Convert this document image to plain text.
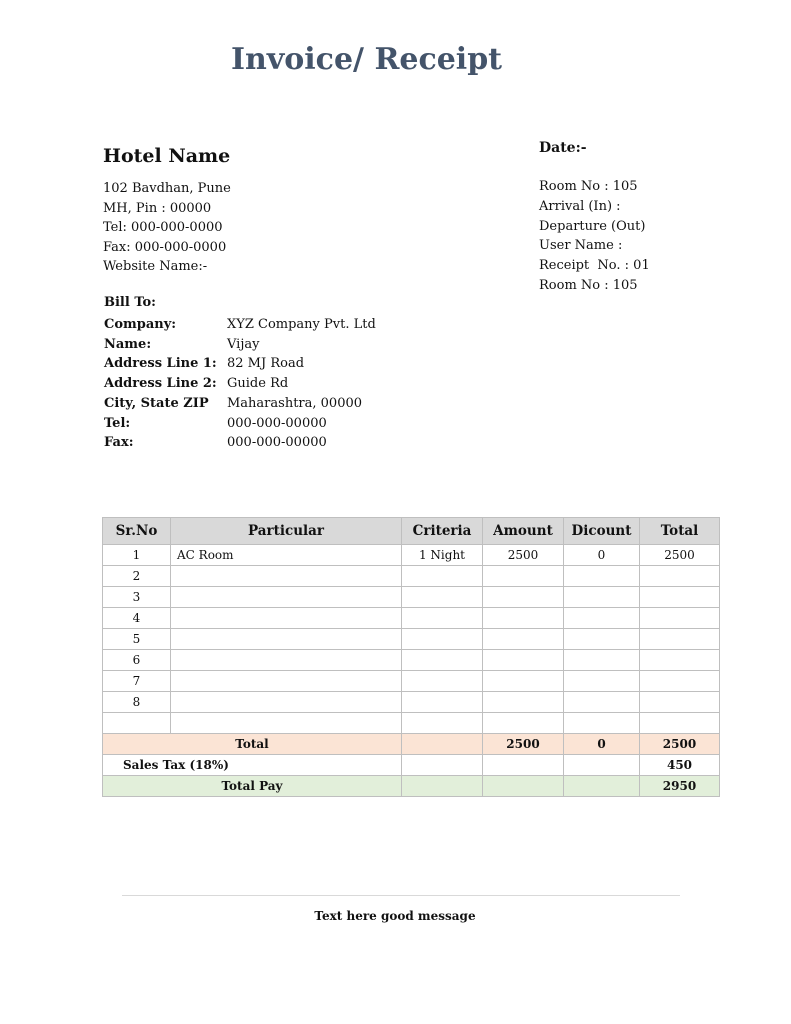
Invoice/ Receipt
Hotel Name
102 Bavdhan, Pune
MH, Pin : 00000
Tel: 000-000-0000
Fax: 000-000-0000
Website Name:-
Date:-
Room No : 105
Arrival (In) :
Departure (Out)
User Name :
Receipt  No. : 01
Room No : 105
Bill To:
Company:	XYZ Company Pvt. Ltd
Name:	Vijay
Address Line 1: 82 MJ Road
Address Line 2: Guide Rd
City, State ZIP	Maharashtra, 00000
Tel:	000-000-00000
Fax:	000-000-00000
Sr.No	Particular	Criteria	Amount	Dicount	Total
1	AC Room	1 Night	2500	0	2500
2					
3					
4					
5					
6					
7					
8					

Total			2500	0	2500
Sales Tax (18%)					450
Total Pay					2950
Text here good message
